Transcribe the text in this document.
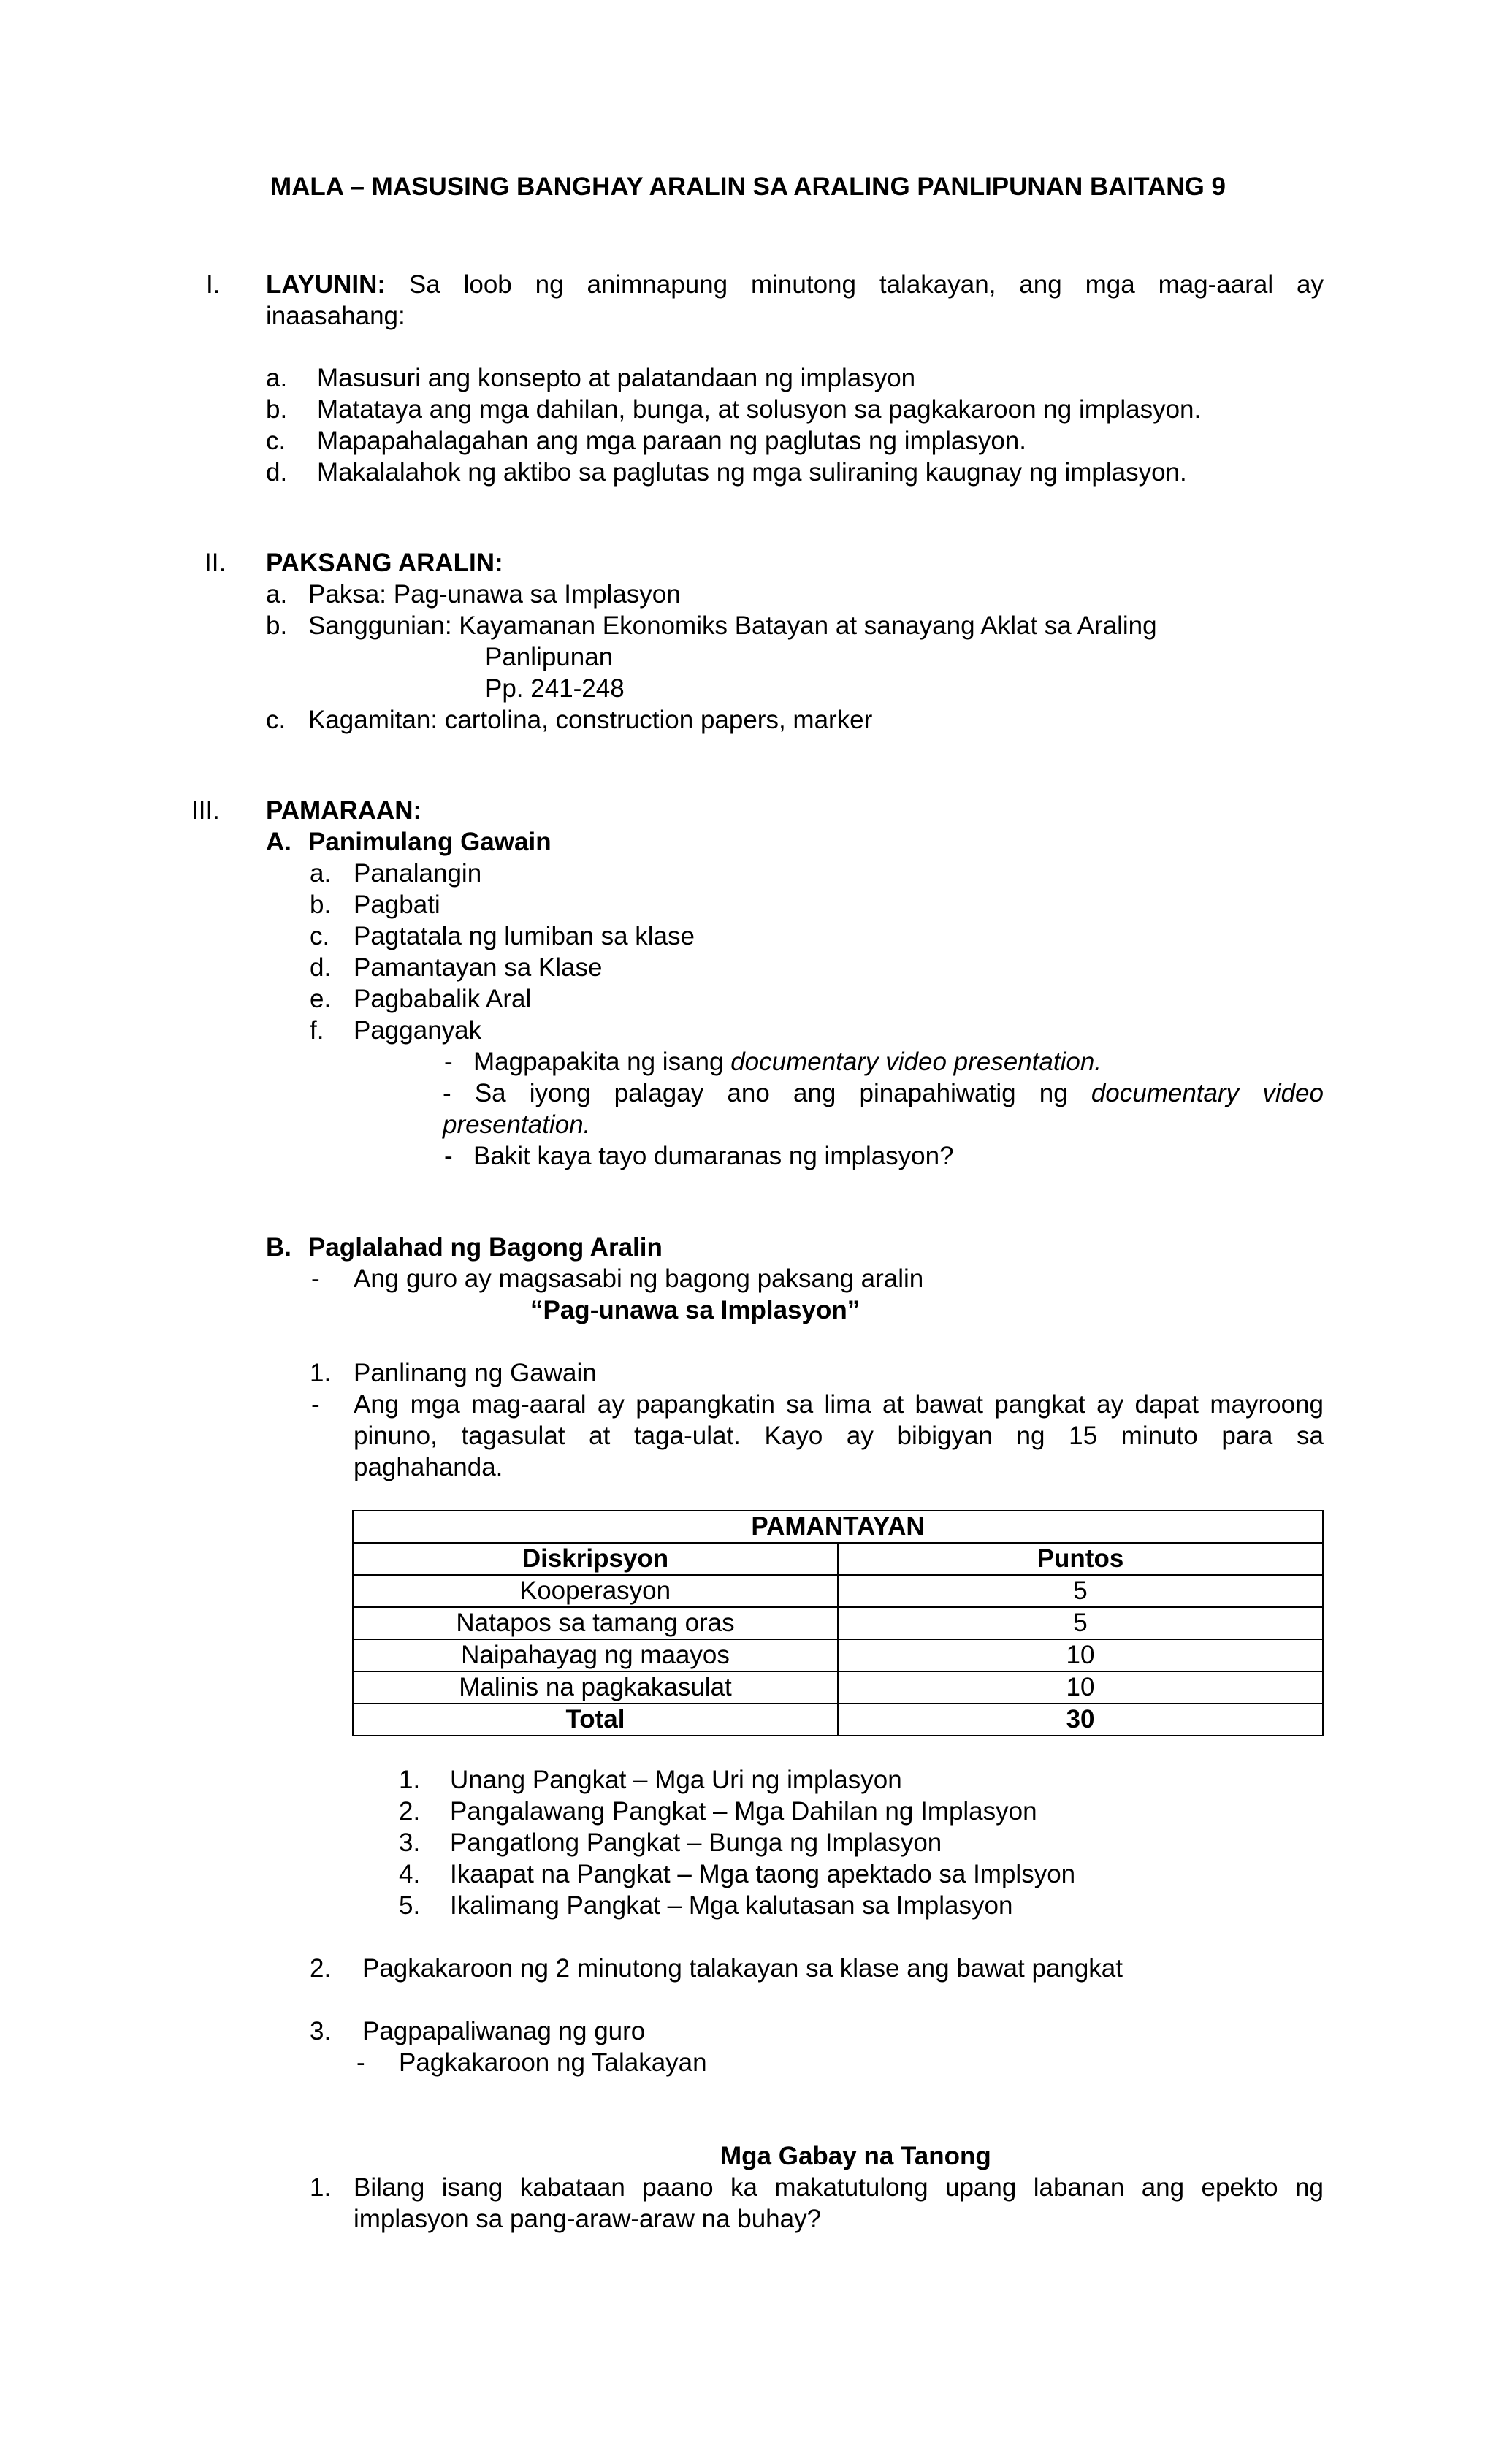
MALA – MASUSING BANGHAY ARALIN SA ARALING PANLIPUNAN BAITANG 9
I. LAYUNIN: Sa loob ng animnapung minutong talakayan, ang mga mag-aaral ay
inaasahang:
a. Masusuri ang konsepto at palatandaan ng implasyon
b. Matataya ang mga dahilan, bunga, at solusyon sa pagkakaroon ng implasyon.
c. Mapapahalagahan ang mga paraan ng paglutas ng implasyon.
d. Makalalahok ng aktibo sa paglutas ng mga suliraning kaugnay ng implasyon.
II. PAKSANG ARALIN:
a. Paksa: Pag-unawa sa Implasyon
b. Sanggunian: Kayamanan Ekonomiks Batayan at sanayang Aklat sa Araling
Panlipunan
Pp. 241-248
c. Kagamitan: cartolina, construction papers, marker
III. PAMARAAN:
A. Panimulang Gawain
a. Panalangin
b. Pagbati
c. Pagtatala ng lumiban sa klase
d. Pamantayan sa Klase
e. Pagbabalik Aral
f. Pagganyak
- Magpapakita ng isang documentary video presentation.
- Sa iyong palagay ano ang pinapahiwatig ng documentary video
presentation.
- Bakit kaya tayo dumaranas ng implasyon?
B. Paglalahad ng Bagong Aralin
- Ang guro ay magsasabi ng bagong paksang aralin
“Pag-unawa sa Implasyon”
1. Panlinang ng Gawain
- Ang mga mag-aaral ay papangkatin sa lima at bawat pangkat ay dapat mayroong
pinuno, tagasulat at taga-ulat. Kayo ay bibigyan ng 15 minuto para sa
paghahanda.
PAMANTAYAN	
Diskripsyon	Puntos
Kooperasyon	5
Natapos sa tamang oras	5
Naipahayag ng maayos	10
Malinis na pagkakasulat	10
Total	30
1. Unang Pangkat – Mga Uri ng implasyon
2. Pangalawang Pangkat – Mga Dahilan ng Implasyon
3. Pangatlong Pangkat – Bunga ng Implasyon
4. Ikaapat na Pangkat – Mga taong apektado sa Implsyon
5. Ikalimang Pangkat – Mga kalutasan sa Implasyon
2. Pagkakaroon ng 2 minutong talakayan sa klase ang bawat pangkat
3. Pagpapaliwanag ng guro
- Pagkakaroon ng Talakayan
Mga Gabay na Tanong
1. Bilang isang kabataan paano ka makatutulong upang labanan ang epekto ng
implasyon sa pang-araw-araw na buhay?
